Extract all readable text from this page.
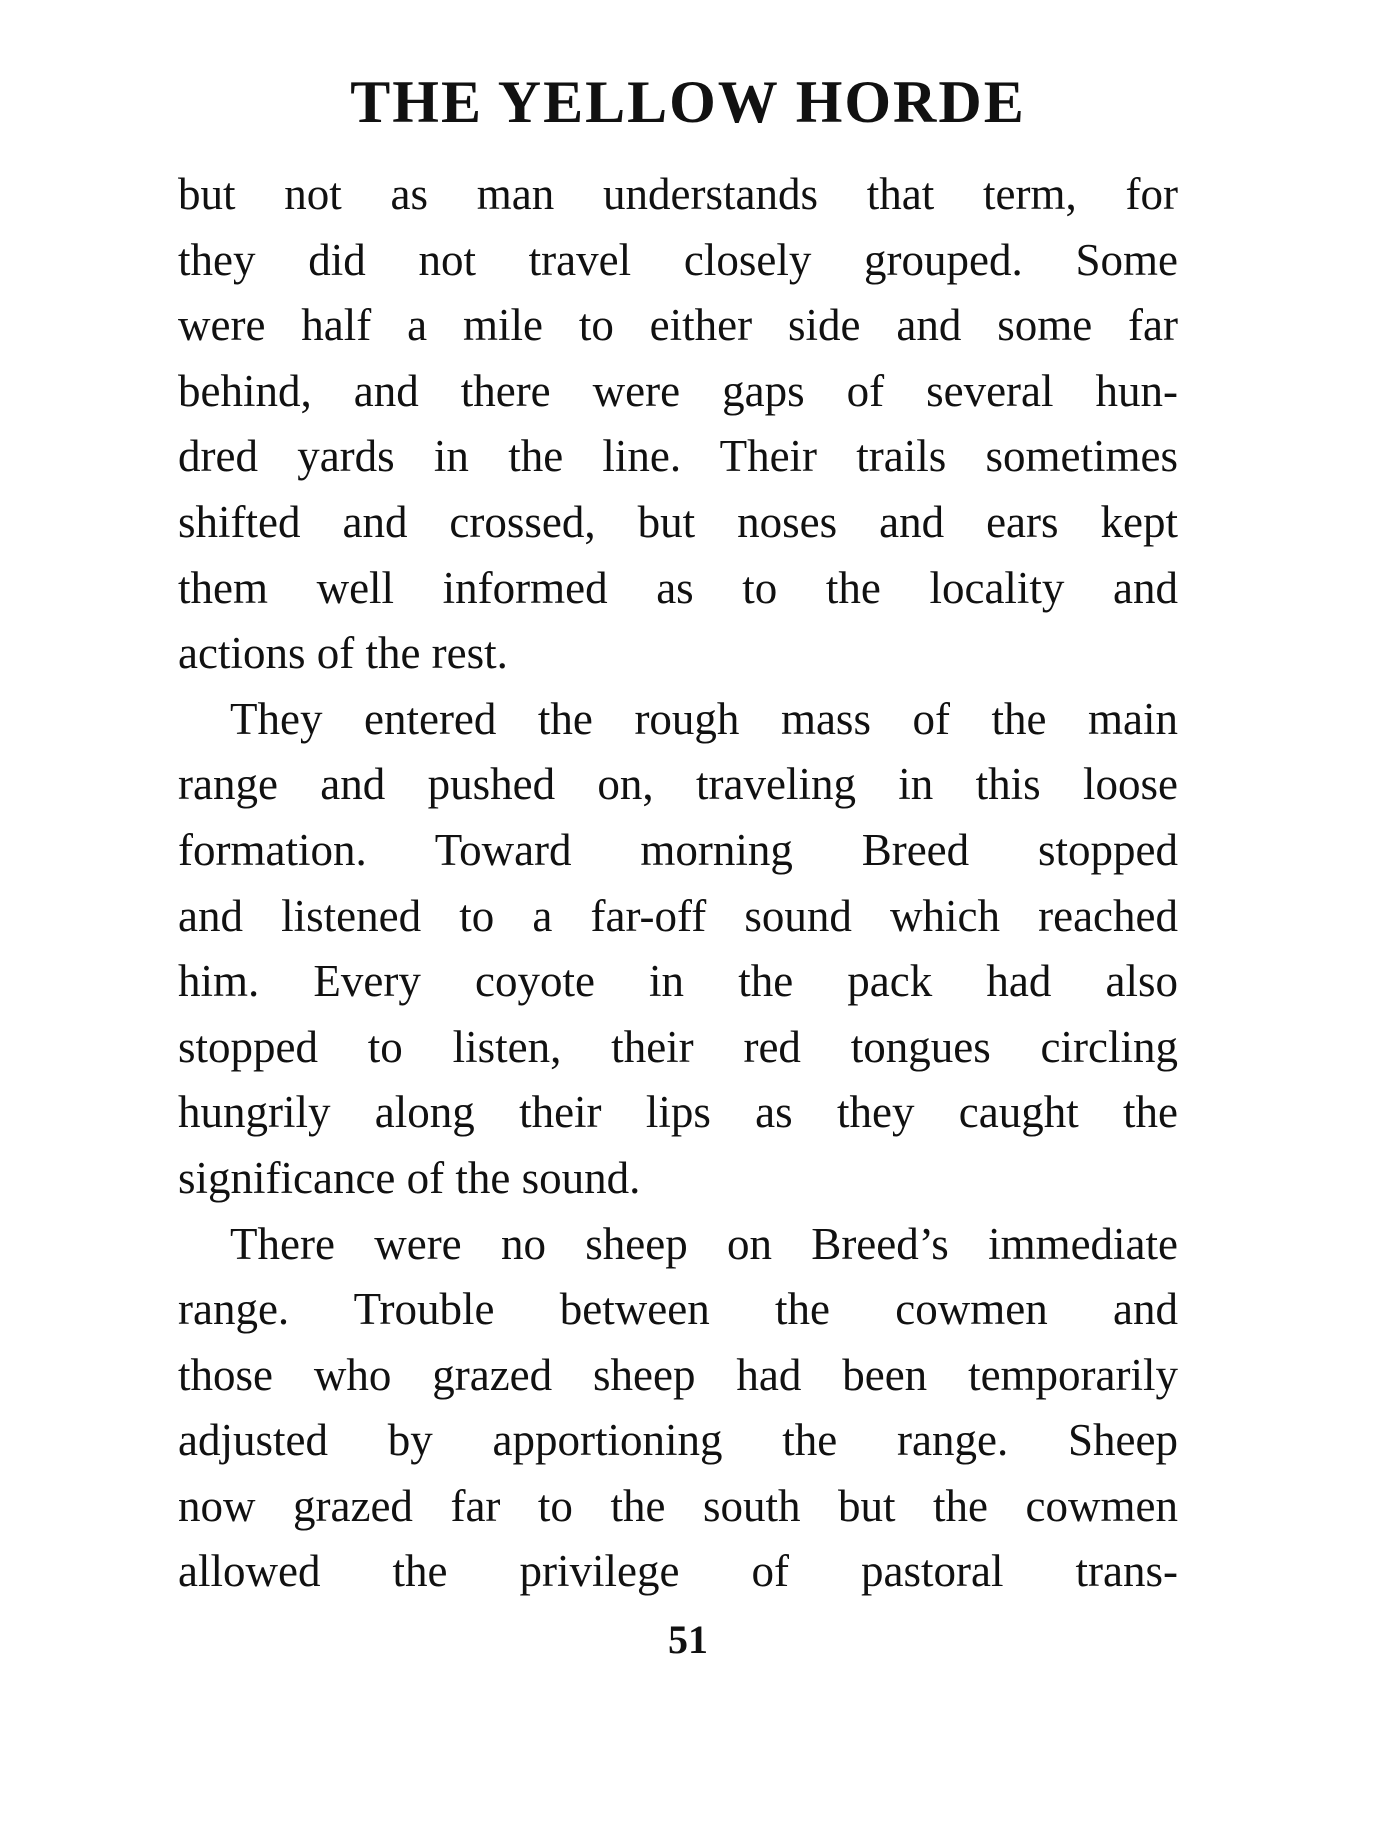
THE YELLOW HORDE

but not as man understands that term, for
they did not travel closely grouped. Some
were half a mile to either side and some far
behind, and there were gaps of several hun-
dred yards in the line. Their trails sometimes
shifted and crossed, but noses and ears kept
them well informed as to the locality and
actions of the rest.

They entered the rough mass of the main
range and pushed on, traveling in this loose
formation. Toward morning Breed stopped
and listened to a far-off sound which reached
him. Every coyote in the pack had also
stopped to listen, their red tongues circling
hungrily along their lips as they caught the
significance of the sound.

There were no sheep on Breed’s immediate
range. Trouble between the cowmen and
those who grazed sheep had been temporarily
adjusted by apportioning the range. Sheep
now grazed far to the south but the cowmen
allowed the privilege of pastoral trans-

51
